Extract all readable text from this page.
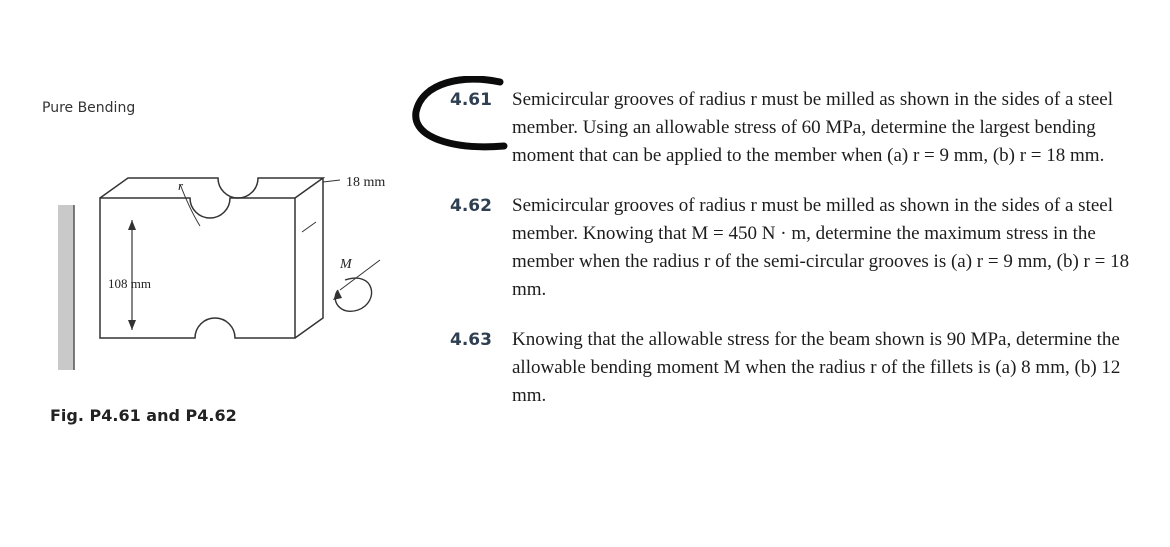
Pure Bending
108 mm
18 mm
M
r
Fig. P4.61 and P4.62
4.61	Semicircular grooves of radius r must be milled as shown in the sides of a steel member. Using an allowable stress of 60 MPa, determine the largest bending moment that can be applied to the member when (a) r = 9 mm, (b) r = 18 mm.
4.62	Semicircular grooves of radius r must be milled as shown in the sides of a steel member. Knowing that M = 450 N · m, determine the maximum stress in the member when the radius r of the semi-circular grooves is (a) r = 9 mm, (b) r = 18 mm.
4.63	Knowing that the allowable stress for the beam shown is 90 MPa, determine the allowable bending moment M when the radius r of the fillets is (a) 8 mm, (b) 12 mm.
